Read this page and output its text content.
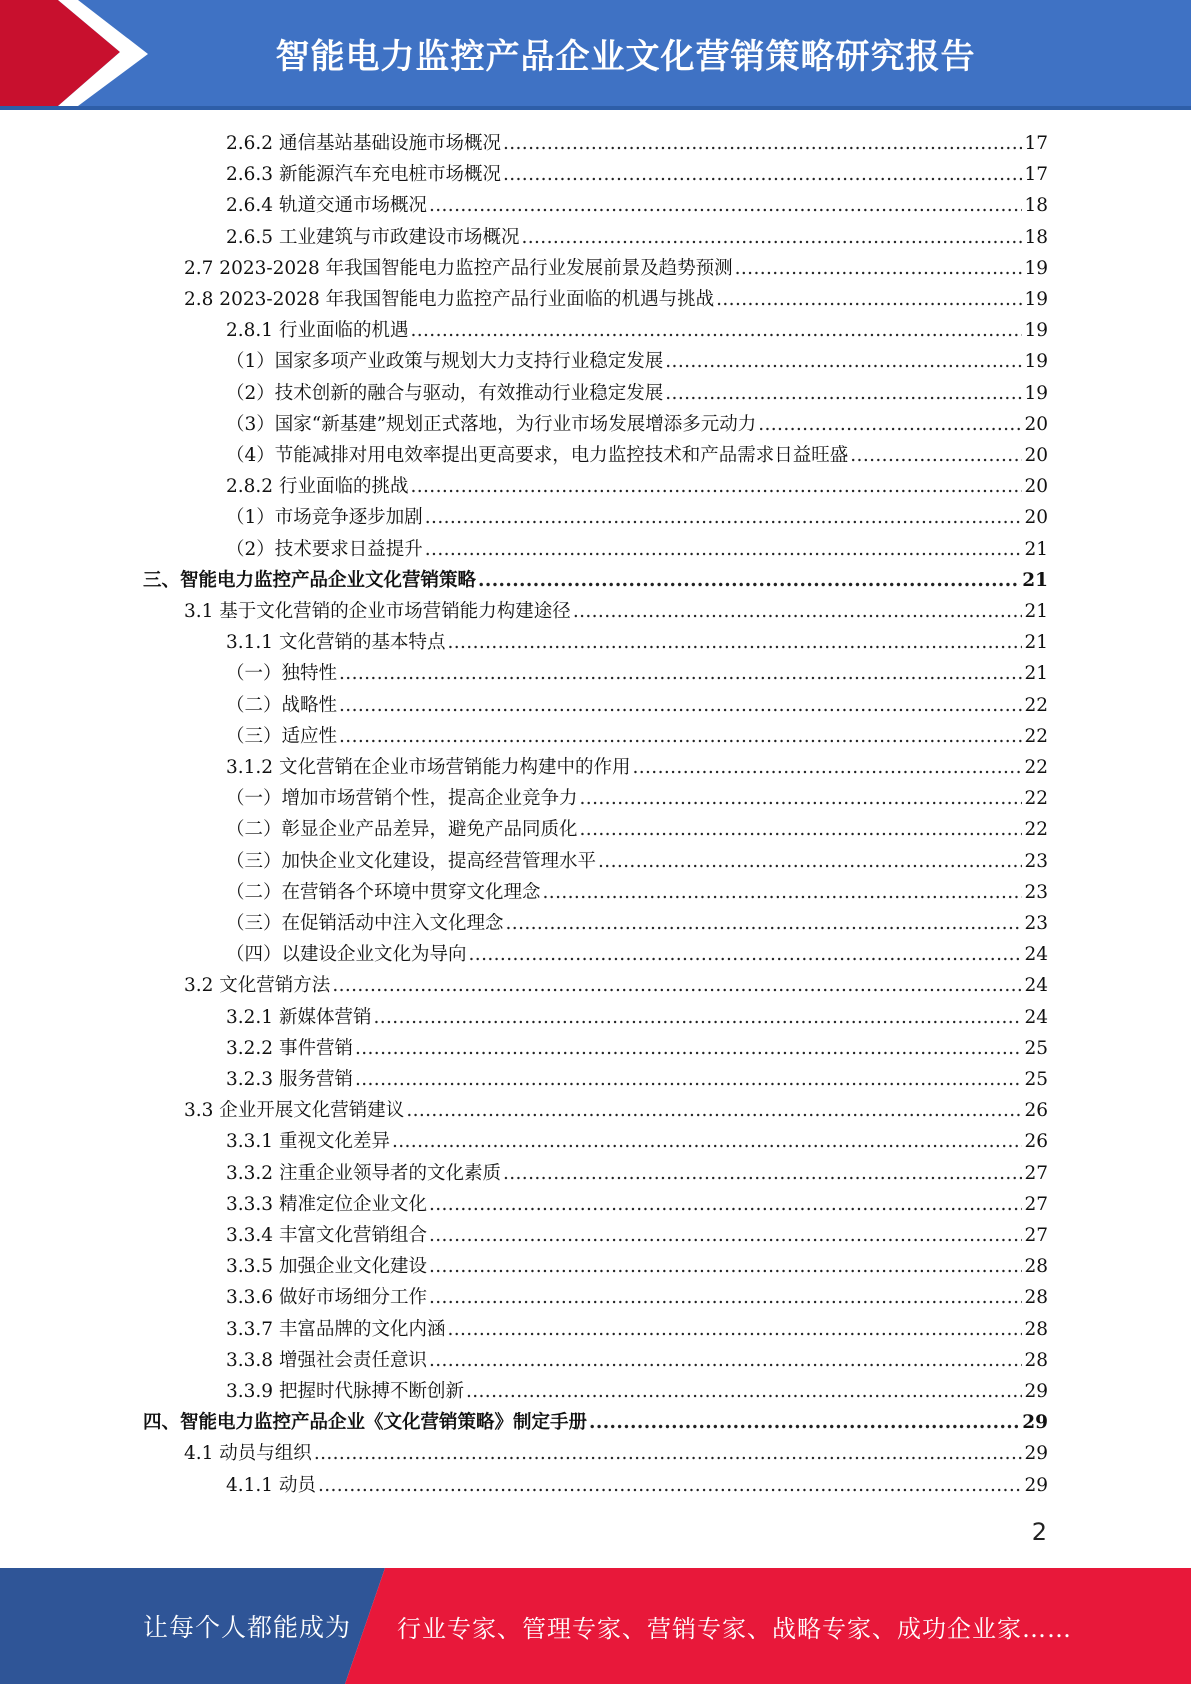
智能电力监控产品企业文化营销策略研究报告
2.6.2 通信基站基础设施市场概况 .....	17
2.6.3 新能源汽车充电桩市场概况 .....	17
2.6.4 轨道交通市场概况 .....	18
2.6.5 工业建筑与市政建设市场概况 .....	18
2.7 2023-2028 年我国智能电力监控产品行业发展前景及趋势预测 .....	19
2.8 2023-2028 年我国智能电力监控产品行业面临的机遇与挑战 .....	19
2.8.1 行业面临的机遇 .....	19
（1）国家多项产业政策与规划大力支持行业稳定发展 .....	19
（2）技术创新的融合与驱动，有效推动行业稳定发展 .....	19
（3）国家“新基建”规划正式落地，为行业市场发展增添多元动力 .....	20
（4）节能减排对用电效率提出更高要求，电力监控技术和产品需求日益旺盛 .....	20
2.8.2 行业面临的挑战 .....	20
（1）市场竞争逐步加剧 .....	20
（2）技术要求日益提升 .....	21
三、智能电力监控产品企业文化营销策略 .....	21
3.1 基于文化营销的企业市场营销能力构建途径 .....	21
3.1.1 文化营销的基本特点 .....	21
（一）独特性 .....	21
（二）战略性 .....	22
（三）适应性 .....	22
3.1.2 文化营销在企业市场营销能力构建中的作用 .....	22
（一）增加市场营销个性，提高企业竞争力 .....	22
（二）彰显企业产品差异，避免产品同质化 .....	22
（三）加快企业文化建设，提高经营管理水平 .....	23
（二）在营销各个环境中贯穿文化理念 .....	23
（三）在促销活动中注入文化理念 .....	23
（四）以建设企业文化为导向 .....	24
3.2 文化营销方法 .....	24
3.2.1 新媒体营销 .....	24
3.2.2 事件营销 .....	25
3.2.3 服务营销 .....	25
3.3 企业开展文化营销建议 .....	26
3.3.1 重视文化差异 .....	26
3.3.2 注重企业领导者的文化素质 .....	27
3.3.3 精准定位企业文化 .....	27
3.3.4 丰富文化营销组合 .....	27
3.3.5 加强企业文化建设 .....	28
3.3.6 做好市场细分工作 .....	28
3.3.7 丰富品牌的文化内涵 .....	28
3.3.8 增强社会责任意识 .....	28
3.3.9 把握时代脉搏不断创新 .....	29
四、智能电力监控产品企业《文化营销策略》制定手册 .....	29
4.1 动员与组织 .....	29
4.1.1 动员 .....	29
2
让每个人都能成为 行业专家、管理专家、营销专家、战略专家、成功企业家……
